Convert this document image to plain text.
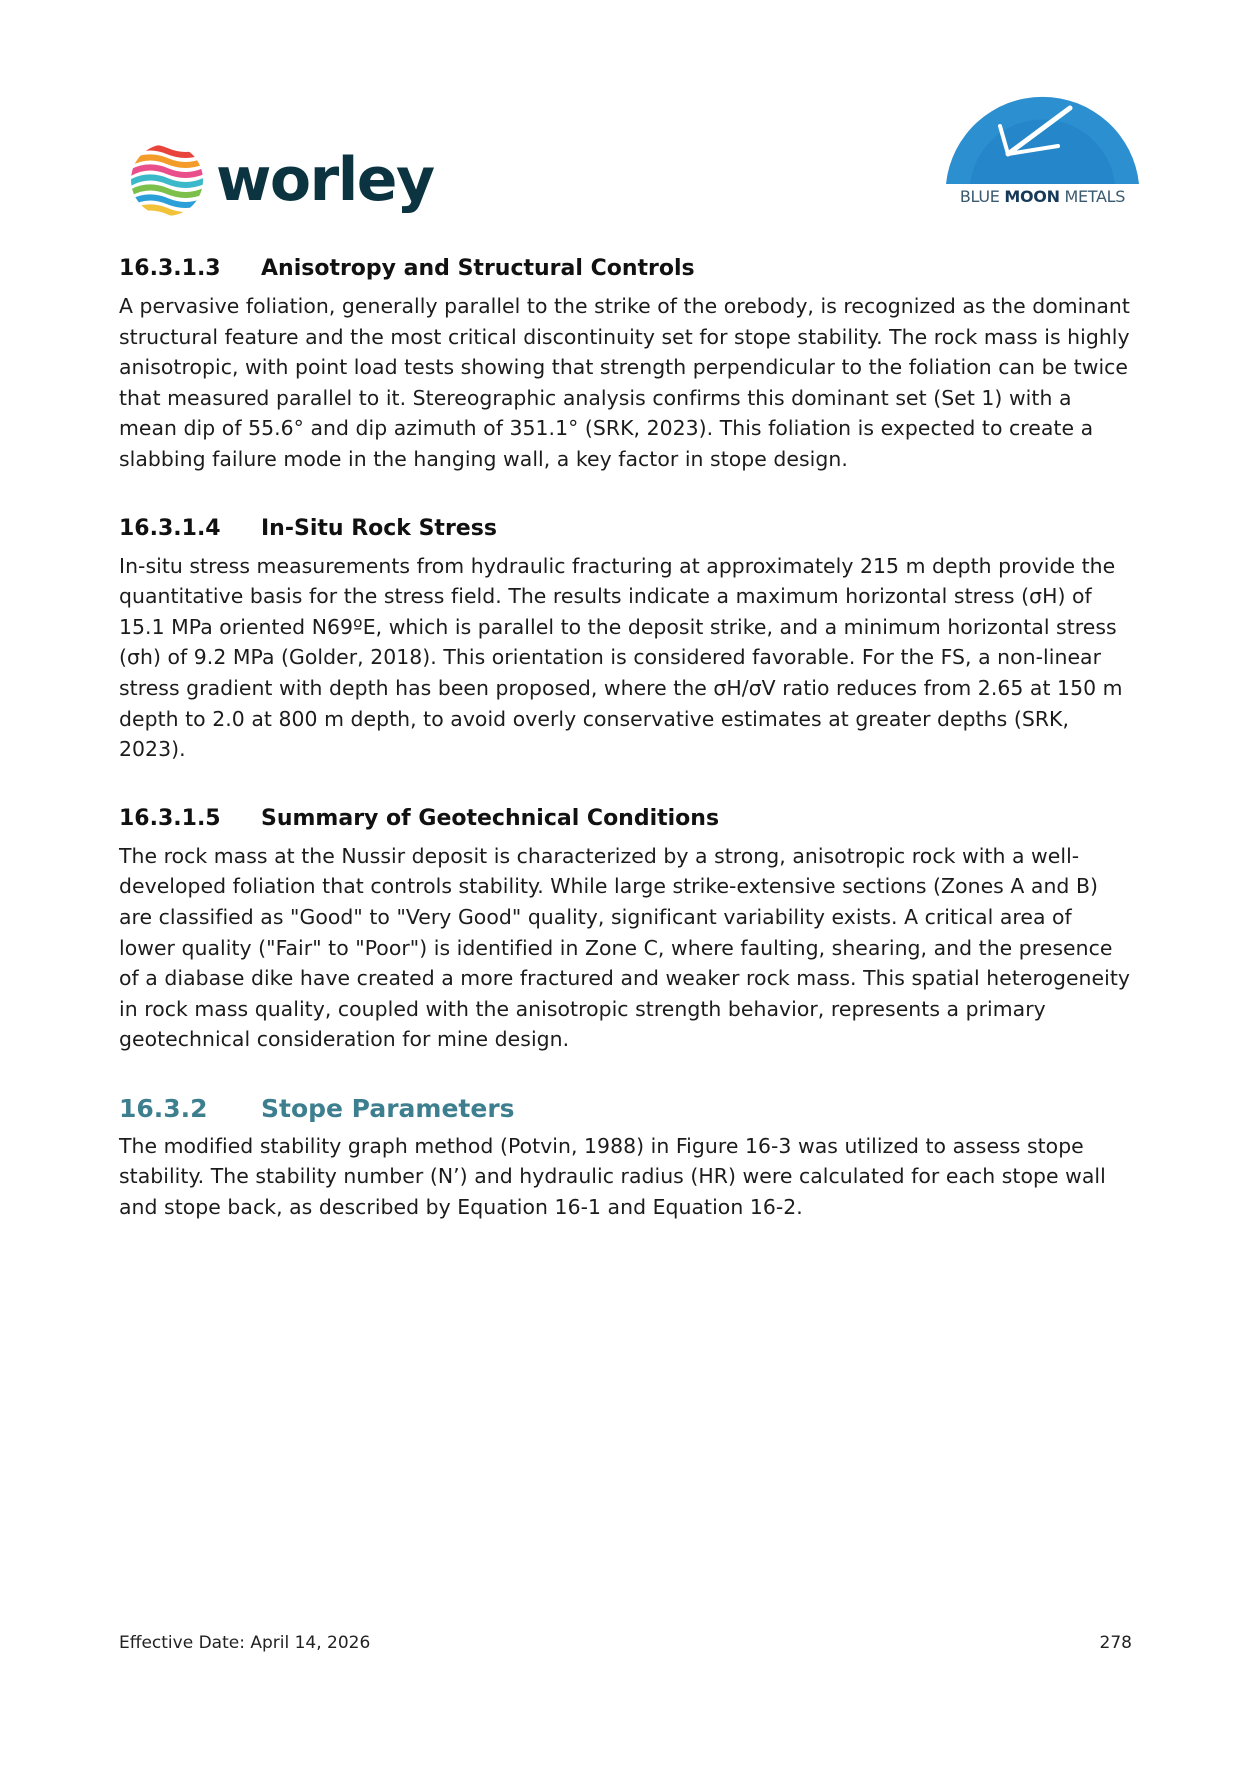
worley	BLUE MOON METALS
16.3.1.3	Anisotropy and Structural Controls

A pervasive foliation, generally parallel to the strike of the orebody, is recognized as the dominant structural feature and the most critical discontinuity set for stope stability. The rock mass is highly anisotropic, with point load tests showing that strength perpendicular to the foliation can be twice that measured parallel to it. Stereographic analysis confirms this dominant set (Set 1) with a mean dip of 55.6° and dip azimuth of 351.1° (SRK, 2023). This foliation is expected to create a slabbing failure mode in the hanging wall, a key factor in stope design.

16.3.1.4	In-Situ Rock Stress

In-situ stress measurements from hydraulic fracturing at approximately 215 m depth provide the quantitative basis for the stress field. The results indicate a maximum horizontal stress (σH) of 15.1 MPa oriented N69ºE, which is parallel to the deposit strike, and a minimum horizontal stress (σh) of 9.2 MPa (Golder, 2018). This orientation is considered favorable. For the FS, a non-linear stress gradient with depth has been proposed, where the σH/σV ratio reduces from 2.65 at 150 m depth to 2.0 at 800 m depth, to avoid overly conservative estimates at greater depths (SRK, 2023).

16.3.1.5	Summary of Geotechnical Conditions

The rock mass at the Nussir deposit is characterized by a strong, anisotropic rock with a well-developed foliation that controls stability. While large strike-extensive sections (Zones A and B) are classified as "Good" to "Very Good" quality, significant variability exists. A critical area of lower quality ("Fair" to "Poor") is identified in Zone C, where faulting, shearing, and the presence of a diabase dike have created a more fractured and weaker rock mass. This spatial heterogeneity in rock mass quality, coupled with the anisotropic strength behavior, represents a primary geotechnical consideration for mine design.

16.3.2	Stope Parameters

The modified stability graph method (Potvin, 1988) in Figure 16-3 was utilized to assess stope stability. The stability number (N’) and hydraulic radius (HR) were calculated for each stope wall and stope back, as described by Equation 16-1 and Equation 16-2.

Effective Date: April 14, 2026	278
